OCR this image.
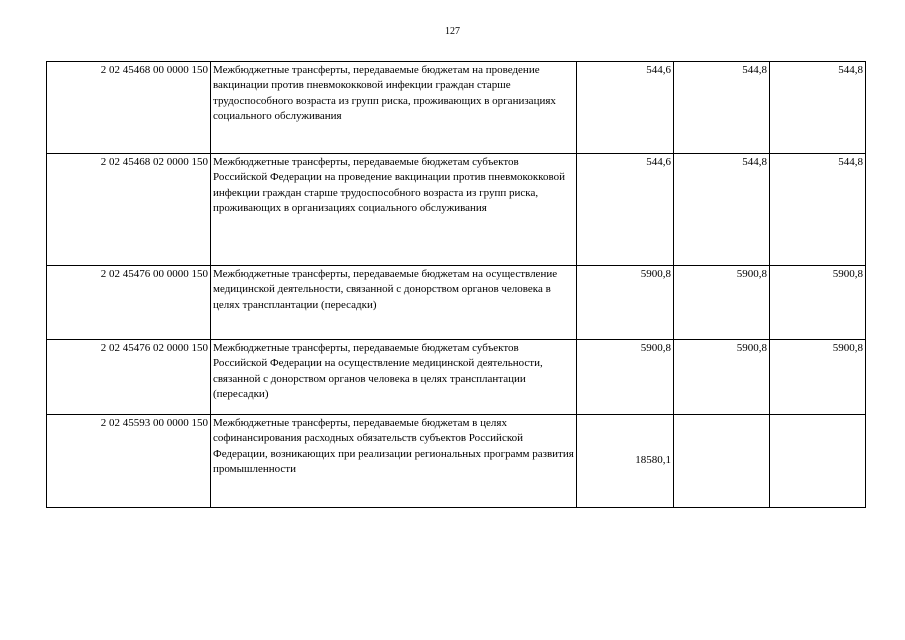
127
2 02 45468 00 0000 150	Межбюджетные трансферты, передаваемые бюджетам на проведение вакцинации против пневмококковой инфекции граждан старше трудоспособного возраста из групп риска, проживающих в организациях социального обслуживания	544,6	544,8	544,8
2 02 45468 02 0000 150	Межбюджетные трансферты, передаваемые бюджетам субъектов Российской Федерации на проведение вакцинации против пневмококковой инфекции граждан старше трудоспособного возраста из групп риска, проживающих в организациях социального обслуживания	544,6	544,8	544,8
2 02 45476 00 0000 150	Межбюджетные трансферты, передаваемые бюджетам на осуществление медицинской деятельности, связанной с донорством органов человека в целях трансплантации (пересадки)	5900,8	5900,8	5900,8
2 02 45476 02 0000 150	Межбюджетные трансферты, передаваемые бюджетам субъектов Российской Федерации на осуществление медицинской деятельности, связанной с донорством органов человека в целях трансплантации (пересадки)	5900,8	5900,8	5900,8
2 02 45593 00 0000 150	Межбюджетные трансферты, передаваемые бюджетам в целях софинансирования расходных обязательств субъектов Российской Федерации, возникающих при реализации региональных программ развития промышленности	18580,1		
